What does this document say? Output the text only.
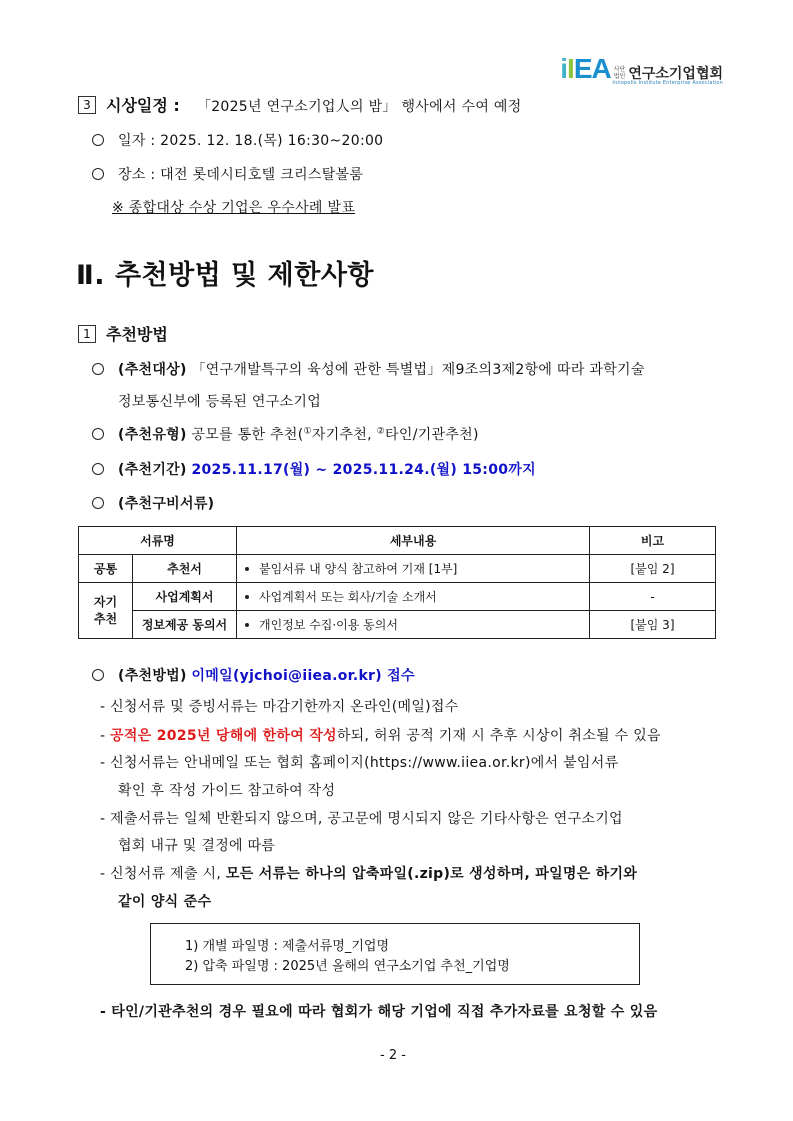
iIEA 사단
법인 연구소기업협회
Innopolis Institute Enterprise Association
3 시상일정 : 「2025년 연구소기업人의 밤」 행사에서 수여 예정
일자 : 2025. 12. 18.(목) 16:30~20:00
장소 : 대전 롯데시티호텔 크리스탈볼룸
※ 종합대상 수상 기업은 우수사례 발표
Ⅱ. 추천방법 및 제한사항
1 추천방법
(추천대상) 「연구개발특구의 육성에 관한 특별법」제9조의3제2항에 따라 과학기술
정보통신부에 등록된 연구소기업
(추천유형) 공모를 통한 추천(①자기추천, ②타인/기관추천)
(추천기간) 2025.11.17(월) ~ 2025.11.24.(월) 15:00까지
(추천구비서류)
서류명		세부내용	비고
공통	추천서	붙임서류 내 양식 참고하여 기재 [1부]	[붙임 2]
자기
추천	사업계획서	사업계획서 또는 회사/기술 소개서	-
	정보제공 동의서	개인정보 수집·이용 동의서	[붙임 3]
(추천방법) 이메일(yjchoi@iiea.or.kr) 접수
- 신청서류 및 증빙서류는 마감기한까지 온라인(메일)접수
- 공적은 2025년 당해에 한하여 작성하되, 허위 공적 기재 시 추후 시상이 취소될 수 있음
- 신청서류는 안내메일 또는 협회 홈페이지(https://www.iiea.or.kr)에서 붙임서류
확인 후 작성 가이드 참고하여 작성
- 제출서류는 일체 반환되지 않으며, 공고문에 명시되지 않은 기타사항은 연구소기업
협회 내규 및 결정에 따름
- 신청서류 제출 시, 모든 서류는 하나의 압축파일(.zip)로 생성하며, 파일명은 하기와
같이 양식 준수
1) 개별 파일명 : 제출서류명_기업명
2) 압축 파일명 : 2025년 올해의 연구소기업 추천_기업명
- 타인/기관추천의 경우 필요에 따라 협회가 해당 기업에 직접 추가자료를 요청할 수 있음
- 2 -
